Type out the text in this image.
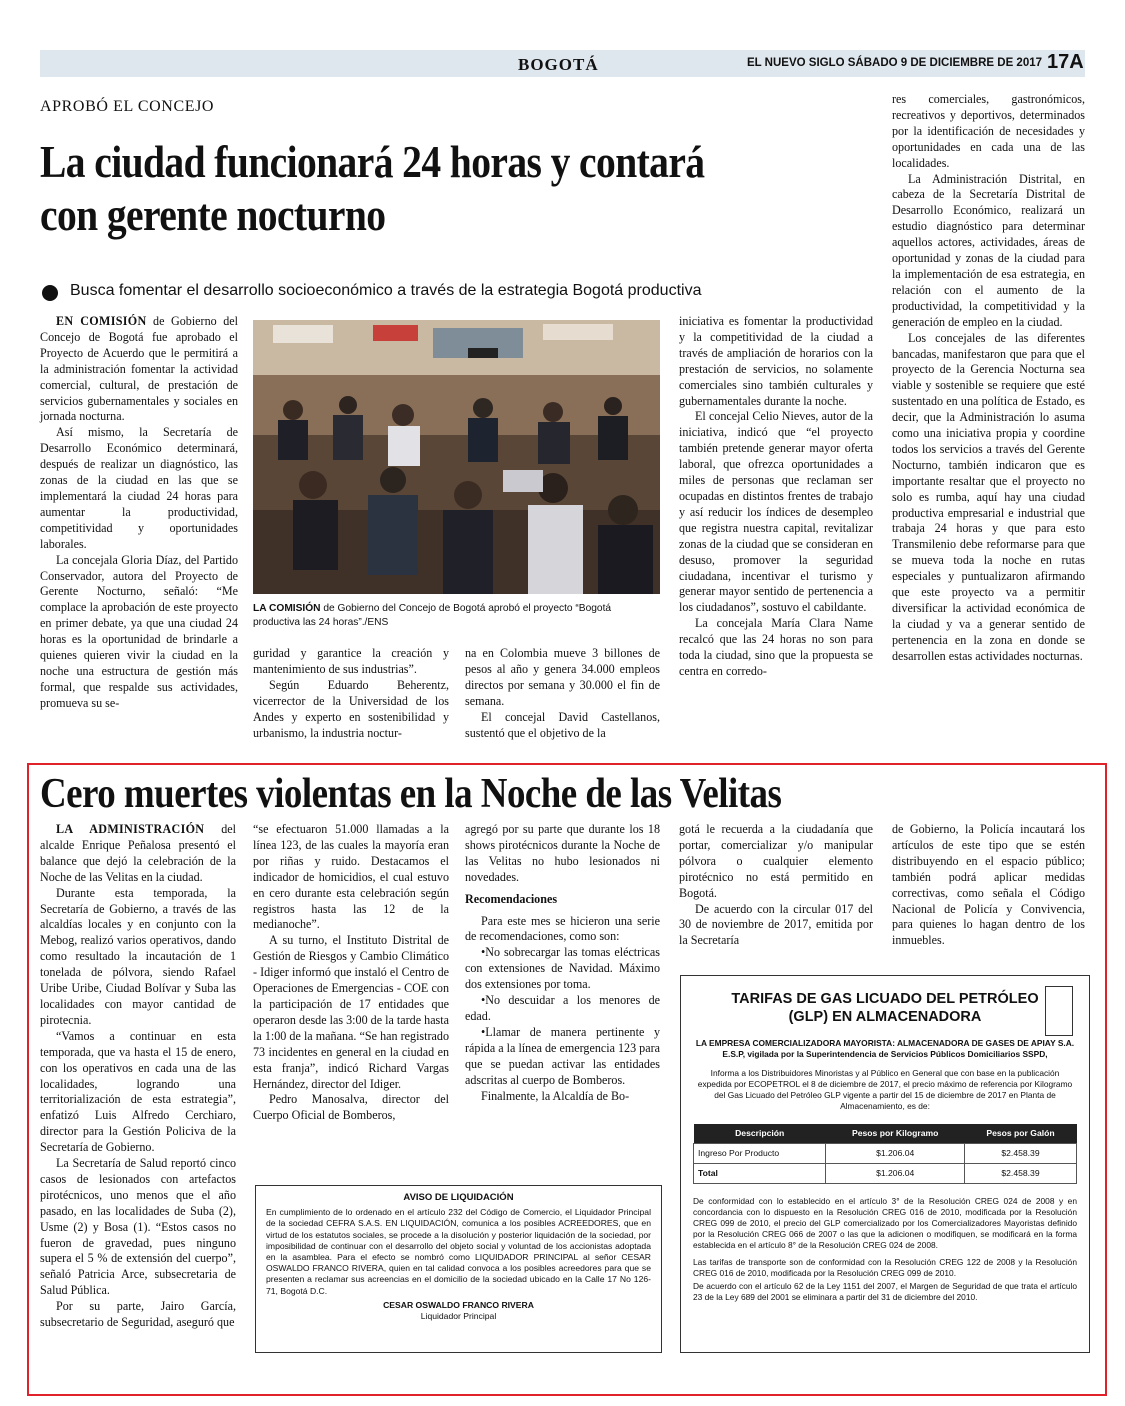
BOGOTÁ	EL NUEVO SIGLO SÁBADO 9 DE DICIEMBRE DE 2017 17A
APROBÓ EL CONCEJO
La ciudad funcionará 24 horas y contará con gerente nocturno
Busca fomentar el desarrollo socioeconómico a través de la estrategia Bogotá productiva

EN COMISIÓN de Gobierno del Concejo de Bogotá fue aprobado el Proyecto de Acuerdo que le permitirá a la administración fomentar la actividad comercial, cultural, de prestación de servicios gubernamentales y sociales en jornada nocturna.

Así mismo, la Secretaría de Desarrollo Económico determinará, después de realizar un diagnóstico, las zonas de la ciudad en las que se implementará la ciudad 24 horas para aumentar la productividad, competitividad y oportunidades laborales.

La concejala Gloria Díaz, del Partido Conservador, autora del Proyecto de Gerente Nocturno, señaló: “Me complace la aprobación de este proyecto en primer debate, ya que una ciudad 24 horas es la oportunidad de brindarle a quienes quieren vivir la ciudad en la noche una estructura de gestión más formal, que respalde sus actividades, promueva su se-

LA COMISIÓN de Gobierno del Concejo de Bogotá aprobó el proyecto “Bogotá productiva las 24 horas”./ENS

guridad y garantice la creación y mantenimiento de sus industrias”.

Según Eduardo Beherentz, vicerrector de la Universidad de los Andes y experto en sostenibilidad y urbanismo, la industria noctur-

na en Colombia mueve 3 billones de pesos al año y genera 34.000 empleos directos por semana y 30.000 el fin de semana.

El concejal David Castellanos, sustentó que el objetivo de la

iniciativa es fomentar la productividad y la competitividad de la ciudad a través de ampliación de horarios con la prestación de servicios, no solamente comerciales sino también culturales y gubernamentales durante la noche.

El concejal Celio Nieves, autor de la iniciativa, indicó que “el proyecto también pretende generar mayor oferta laboral, que ofrezca oportunidades a miles de personas que reclaman ser ocupadas en distintos frentes de trabajo y así reducir los índices de desempleo que registra nuestra capital, revitalizar zonas de la ciudad que se consideran en desuso, promover la seguridad ciudadana, incentivar el turismo y generar mayor sentido de pertenencia a los ciudadanos”, sostuvo el cabildante.

La concejala María Clara Name recalcó que las 24 horas no son para toda la ciudad, sino que la propuesta se centra en corredo-

res comerciales, gastronómicos, recreativos y deportivos, determinados por la identificación de necesidades y oportunidades en cada una de las localidades.

La Administración Distrital, en cabeza de la Secretaría Distrital de Desarrollo Económico, realizará un estudio diagnóstico para determinar aquellos actores, actividades, áreas de oportunidad y zonas de la ciudad para la implementación de esa estrategia, en relación con el aumento de la productividad, la competitividad y la generación de empleo en la ciudad.

Los concejales de las diferentes bancadas, manifestaron que para que el proyecto de la Gerencia Nocturna sea viable y sostenible se requiere que esté sustentado en una política de Estado, es decir, que la Administración lo asuma como una iniciativa propia y coordine todos los servicios a través del Gerente Nocturno, también indicaron que es importante resaltar que el proyecto no solo es rumba, aquí hay una ciudad productiva empresarial e industrial que trabaja 24 horas y que para esto Transmilenio debe reformarse para que se mueva toda la noche en rutas especiales y puntualizaron afirmando que este proyecto va a permitir diversificar la actividad económica de la ciudad y va a generar sentido de pertenencia en la zona en donde se desarrollen estas actividades nocturnas.

Cero muertes violentas en la Noche de las Velitas

LA ADMINISTRACIÓN del alcalde Enrique Peñalosa presentó el balance que dejó la celebración de la Noche de las Velitas en la ciudad.

Durante esta temporada, la Secretaría de Gobierno, a través de las alcaldías locales y en conjunto con la Mebog, realizó varios operativos, dando como resultado la incautación de 1 tonelada de pólvora, siendo Rafael Uribe Uribe, Ciudad Bolívar y Suba las localidades con mayor cantidad de pirotecnia.

“Vamos a continuar en esta temporada, que va hasta el 15 de enero, con los operativos en cada una de las localidades, logrando una territorialización de esta estrategia”, enfatizó Luis Alfredo Cerchiaro, director para la Gestión Policiva de la Secretaría de Gobierno.

La Secretaría de Salud reportó cinco casos de lesionados con artefactos pirotécnicos, uno menos que el año pasado, en las localidades de Suba (2), Usme (2) y Bosa (1). “Estos casos no fueron de gravedad, pues ninguno supera el 5 % de extensión del cuerpo”, señaló Patricia Arce, subsecretaria de Salud Pública.

Por su parte, Jairo García, subsecretario de Seguridad, aseguró que

“se efectuaron 51.000 llamadas a la línea 123, de las cuales la mayoría eran por riñas y ruido. Destacamos el indicador de homicidios, el cual estuvo en cero durante esta celebración según registros hasta las 12 de la medianoche”.

A su turno, el Instituto Distrital de Gestión de Riesgos y Cambio Climático - Idiger informó que instaló el Centro de Operaciones de Emergencias - COE con la participación de 17 entidades que operaron desde las 3:00 de la tarde hasta la 1:00 de la mañana. “Se han registrado 73 incidentes en general en la ciudad en esta franja”, indicó Richard Vargas Hernández, director del Idiger.

Pedro Manosalva, director del Cuerpo Oficial de Bomberos,

agregó por su parte que durante los 18 shows pirotécnicos durante la Noche de las Velitas no hubo lesionados ni novedades.

Recomendaciones

Para este mes se hicieron una serie de recomendaciones, como son:

•No sobrecargar las tomas eléctricas con extensiones de Navidad. Máximo dos extensiones por toma.

•No descuidar a los menores de edad.

•Llamar de manera pertinente y rápida a la línea de emergencia 123 para que se puedan activar las entidades adscritas al cuerpo de Bomberos.

Finalmente, la Alcaldía de Bo-

gotá le recuerda a la ciudadanía que portar, comercializar y/o manipular pólvora o cualquier elemento pirotécnico no está permitido en Bogotá.

De acuerdo con la circular 017 del 30 de noviembre de 2017, emitida por la Secretaría

de Gobierno, la Policía incautará los artículos de este tipo que se estén distribuyendo en el espacio público; también podrá aplicar medidas correctivas, como señala el Código Nacional de Policía y Convivencia, para quienes lo hagan dentro de los inmuebles.

AVISO DE LIQUIDACIÓN
En cumplimiento de lo ordenado en el artículo 232 del Código de Comercio, el Liquidador Principal de la sociedad CEFRA S.A.S. EN LIQUIDACIÓN, comunica a los posibles ACREEDORES, que en virtud de los estatutos sociales, se procede a la disolución y posterior liquidación de la sociedad, por imposibilidad de continuar con el desarrollo del objeto social y voluntad de los accionistas adoptada en la asamblea. Para el efecto se nombró como LIQUIDADOR PRINCIPAL al señor CESAR OSWALDO FRANCO RIVERA, quien en tal calidad convoca a los posibles acreedores para que se presenten a reclamar sus acreencias en el domicilio de la sociedad ubicado en la Calle 17 No 126-71, Bogotá D.C.
CESAR OSWALDO FRANCO RIVERA
Liquidador Principal
TARIFAS DE GAS LICUADO DEL PETRÓLEO
(GLP) EN ALMACENADORA
LA EMPRESA COMERCIALIZADORA MAYORISTA: ALMACENADORA DE GASES DE APIAY S.A. E.S.P, vigilada por la Superintendencia de Servicios Públicos Domiciliarios SSPD,
Informa a los Distribuidores Minoristas y al Público en General que con base en la publicación expedida por ECOPETROL el 8 de diciembre de 2017, el precio máximo de referencia por Kilogramo del Gas Licuado del Petróleo GLP vigente a partir del 15 de diciembre de 2017 en Planta de Almacenamiento, es de:
Descripción	Pesos por Kilogramo	Pesos por Galón
Ingreso Por Producto	$1.206.04	$2.458.39
Total	$1.206.04	$2.458.39
De conformidad con lo establecido en el artículo 3° de la Resolución CREG 024 de 2008 y en concordancia con lo dispuesto en la Resolución CREG 016 de 2010, modificada por la Resolución CREG 099 de 2010, el precio del GLP comercializado por los Comercializadores Mayoristas definido por la Resolución CREG 066 de 2007 o las que la adicionen o modifiquen, se modificará en la forma establecida en el artículo 8° de la Resolución CREG 024 de 2008.
Las tarifas de transporte son de conformidad con la Resolución CREG 122 de 2008 y la Resolución CREG 016 de 2010, modificada por la Resolución CREG 099 de 2010.
De acuerdo con el artículo 62 de la Ley 1151 del 2007, el Margen de Seguridad de que trata el artículo 23 de la Ley 689 del 2001 se eliminara a partir del 31 de diciembre del 2010.
